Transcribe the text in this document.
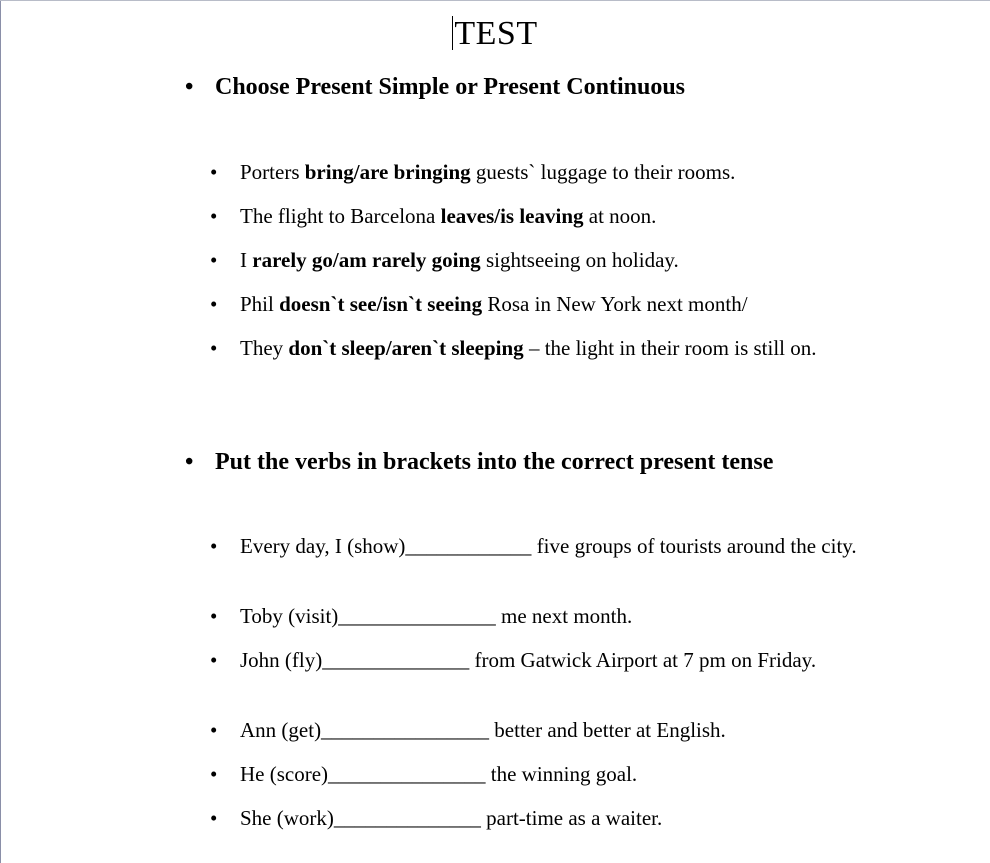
TEST
• Choose Present Simple or Present Continuous
• Porters bring/are bringing guests` luggage to their rooms.
• The flight to Barcelona leaves/is leaving at noon.
• I rarely go/am rarely going sightseeing on holiday.
• Phil doesn`t see/isn`t seeing Rosa in New York next month/
• They don`t sleep/aren`t sleeping – the light in their room is still on.
• Put the verbs in brackets into the correct present tense
• Every day, I (show)____________ five groups of tourists around the city.
• Toby (visit)_______________ me next month.
• John (fly)______________ from Gatwick Airport at 7 pm on Friday.
• Ann (get)________________ better and better at English.
• He (score)_______________ the winning goal.
• She (work)______________ part-time as a waiter.
